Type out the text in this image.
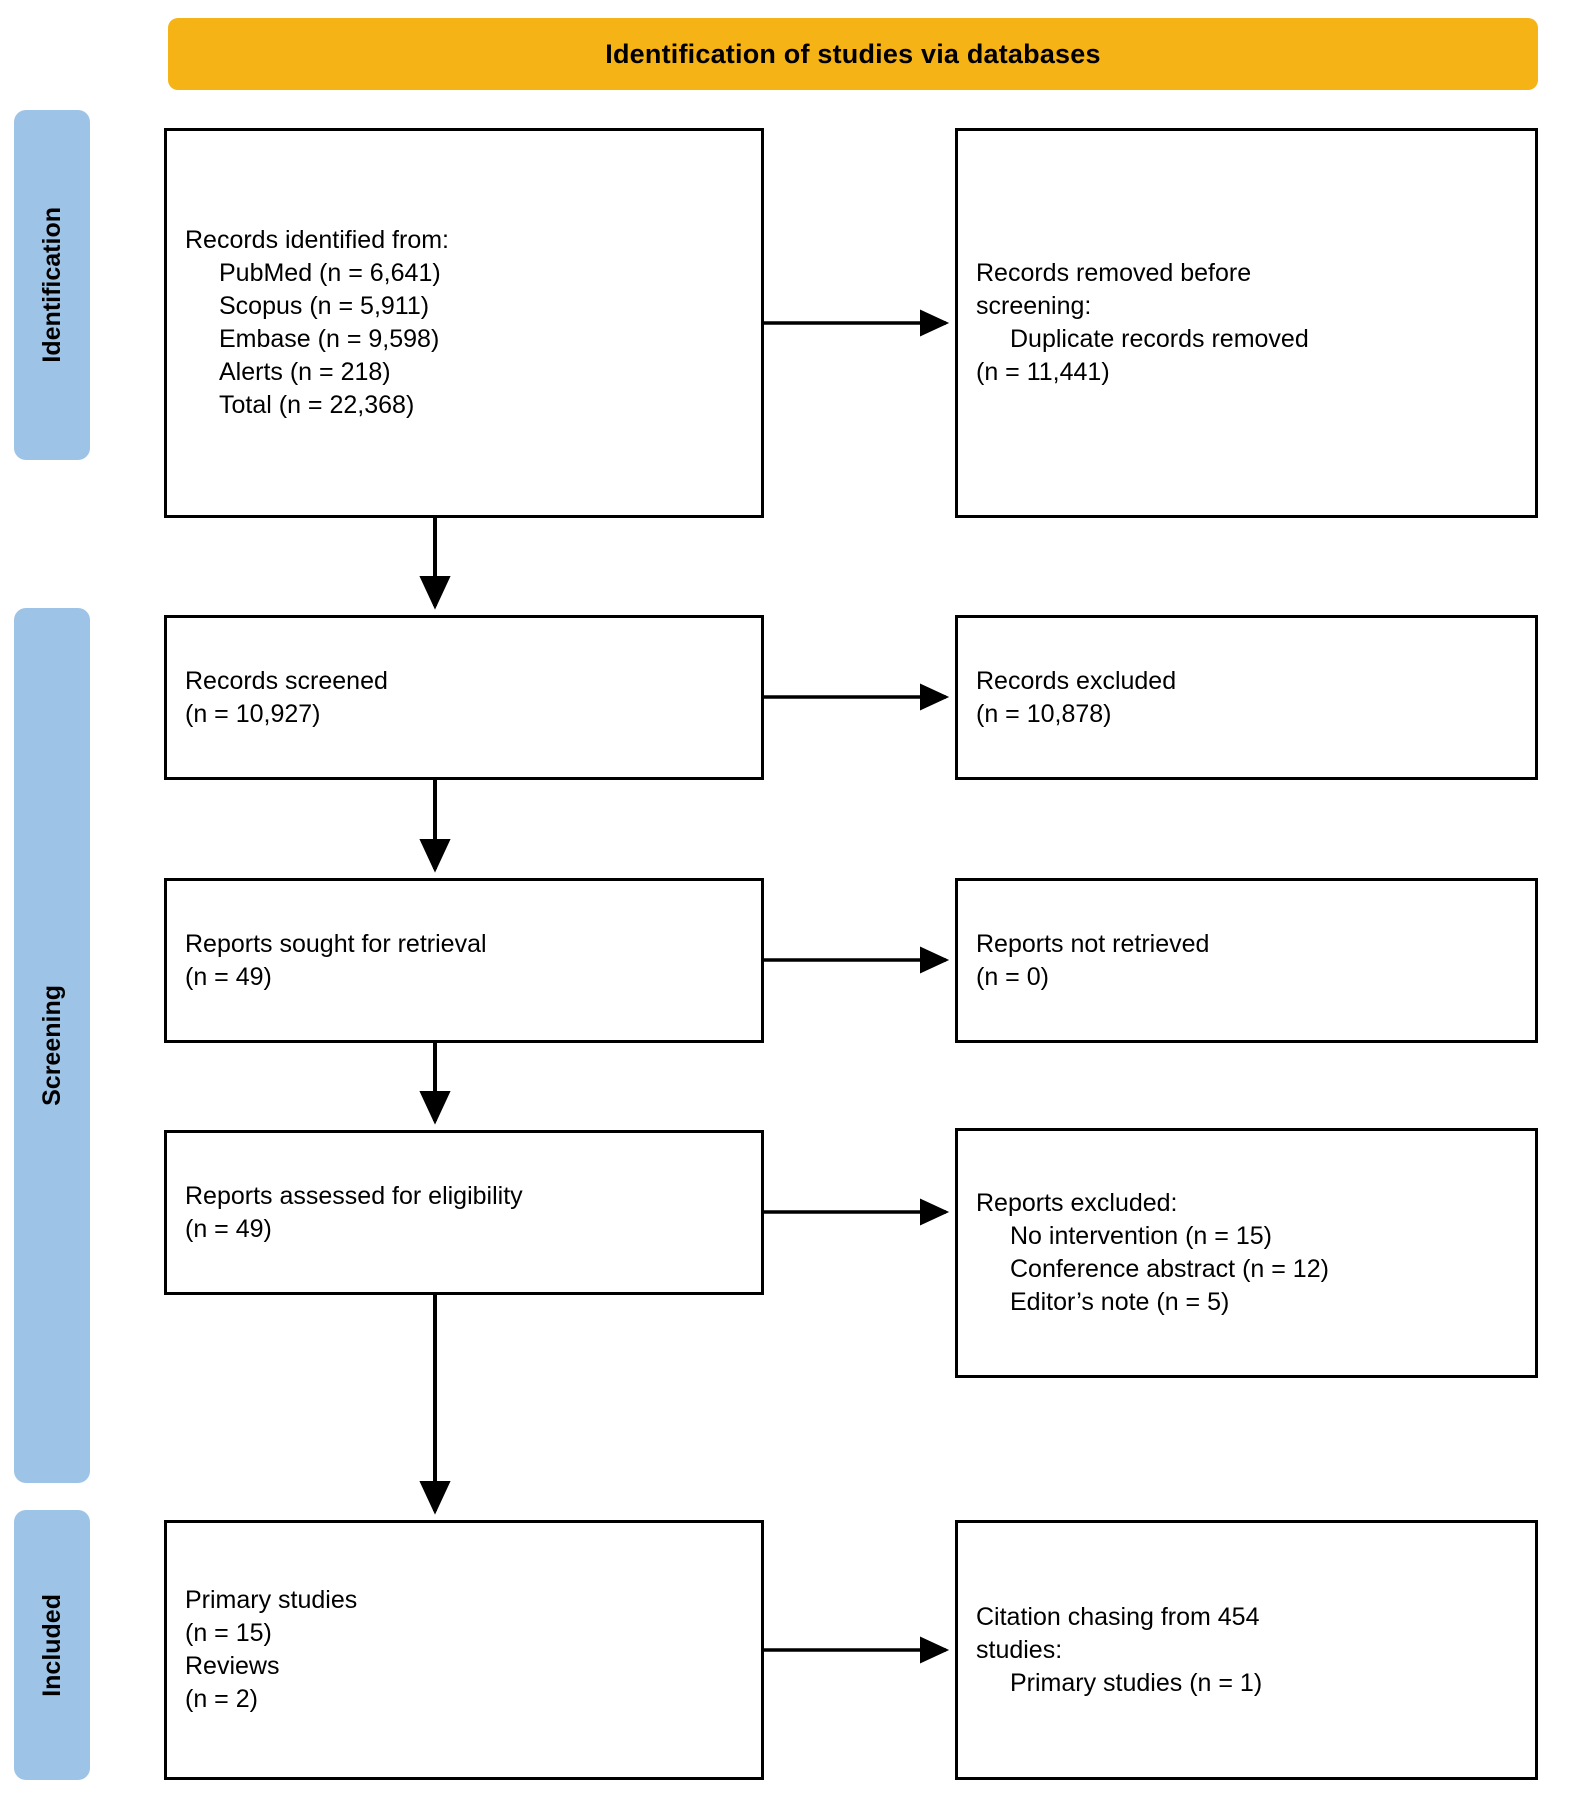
Identification of studies via databases
Identification
Screening
Included
Records identified from:
PubMed (n = 6,641)
Scopus (n = 5,911)
Embase (n = 9,598)
Alerts (n = 218)
Total (n = 22,368)
Records removed before
screening:
Duplicate records removed
(n = 11,441)
Records screened
(n = 10,927)
Records excluded
(n = 10,878)
Reports sought for retrieval
(n = 49)
Reports not retrieved
(n = 0)
Reports assessed for eligibility
(n = 49)
Reports excluded:
No intervention (n = 15)
Conference abstract (n = 12)
Editor’s note (n = 5)
Primary studies
(n = 15)
Reviews
(n = 2)
Citation chasing from 454
studies:
Primary studies (n = 1)
